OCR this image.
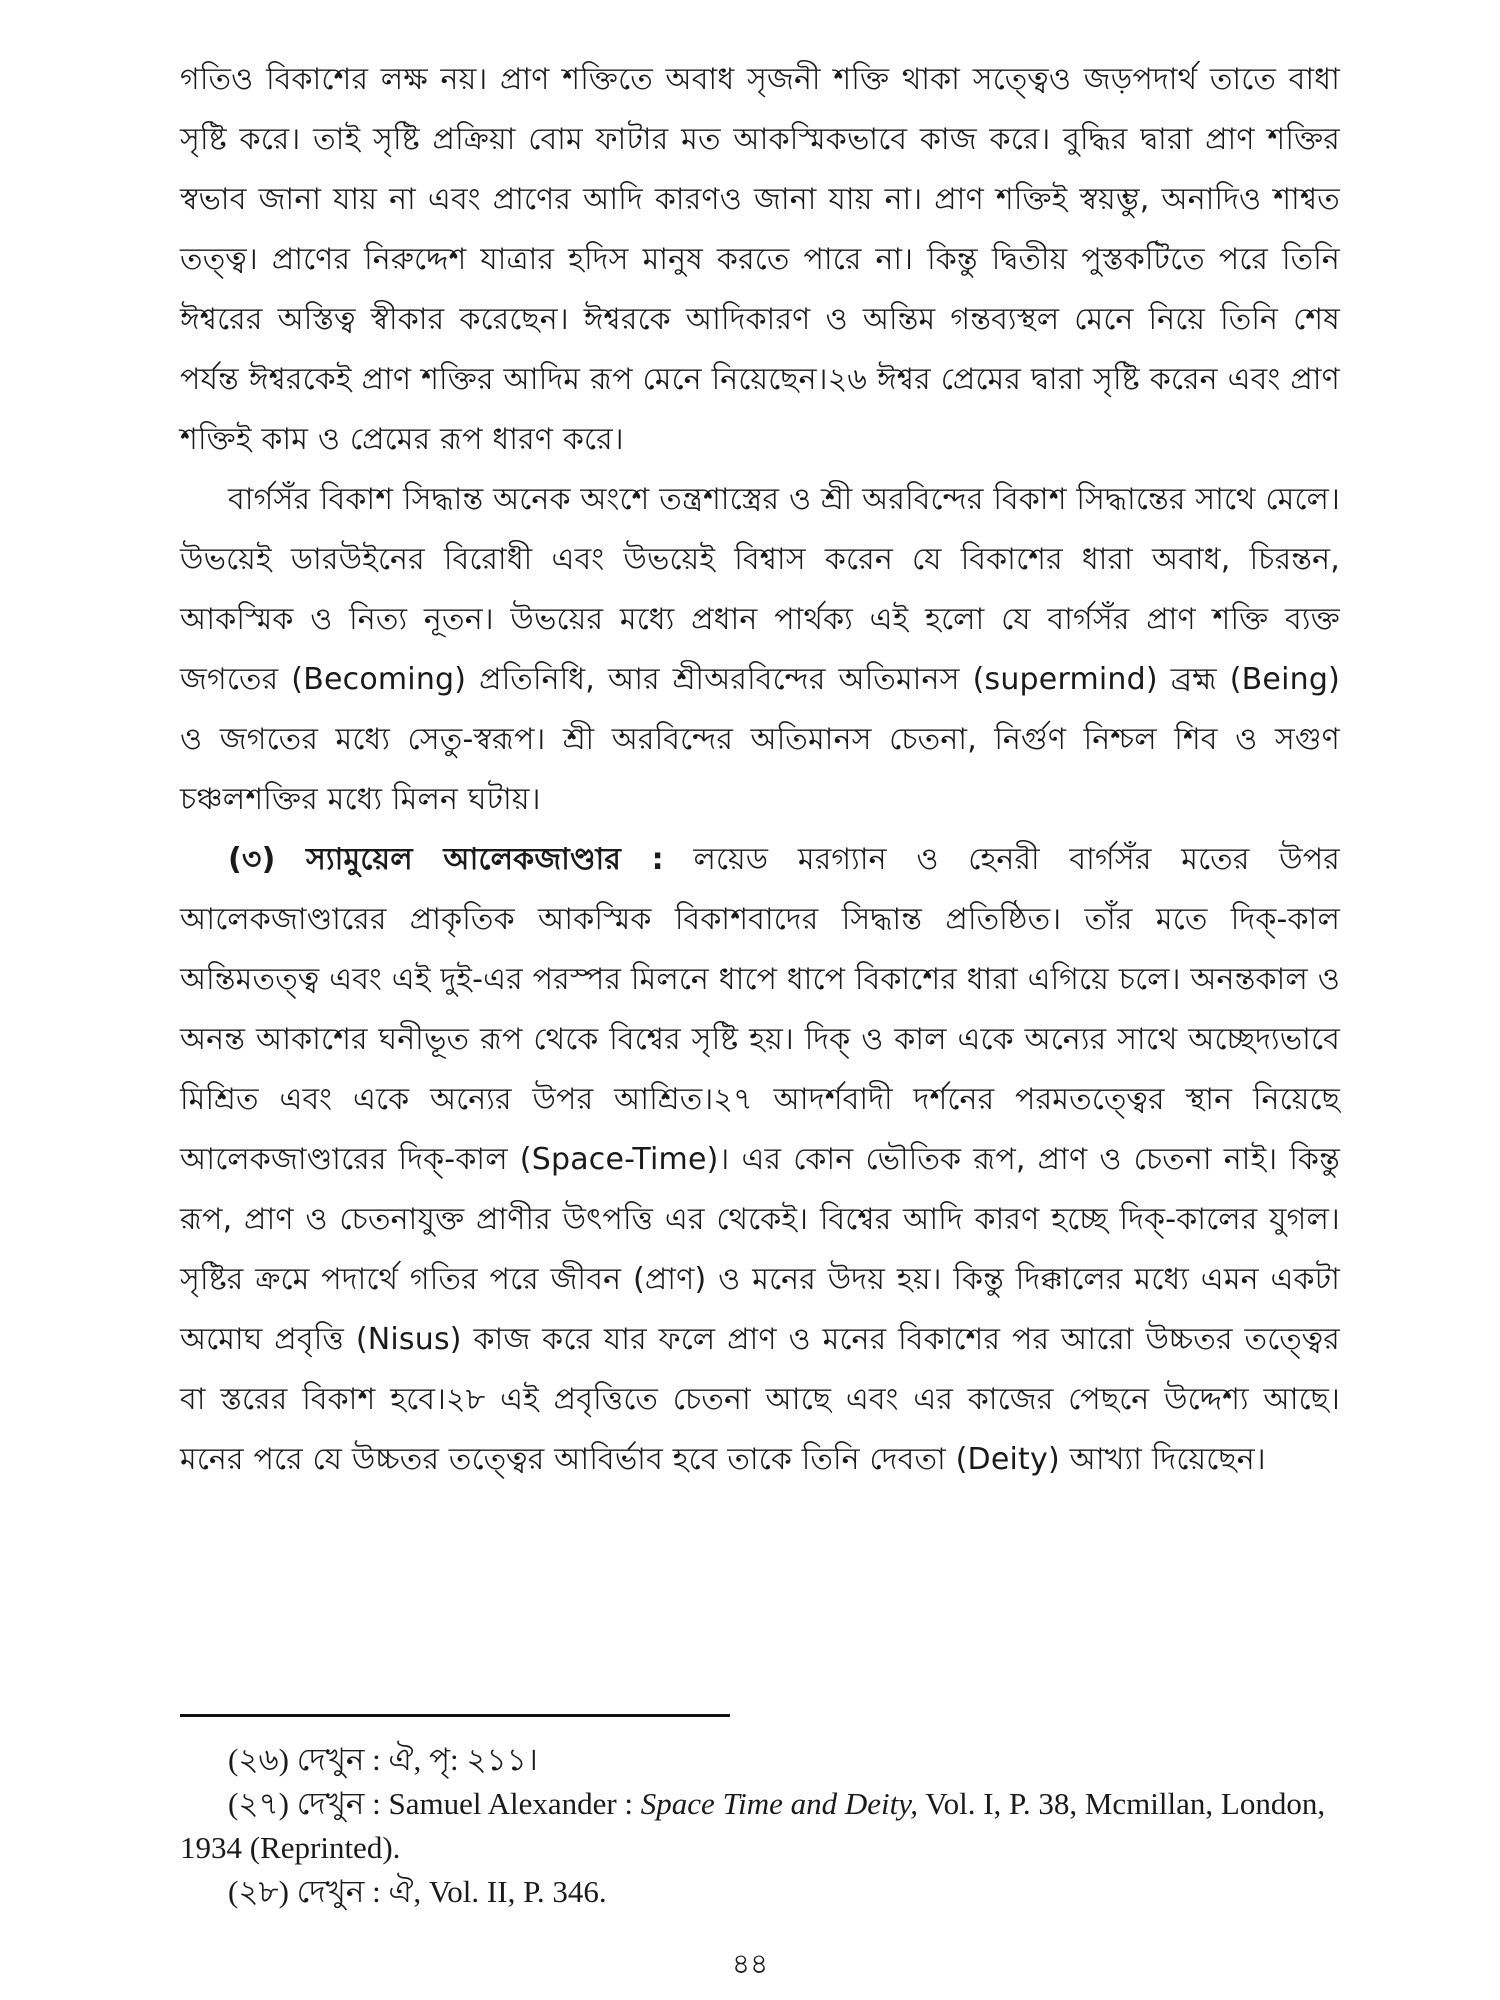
গতিও বিকাশের লক্ষ নয়। প্রাণ শক্তিতে অবাধ সৃজনী শক্তি থাকা সত্ত্বেও জড়পদার্থ তাতে বাধা সৃষ্টি করে। তাই সৃষ্টি প্রক্রিয়া বোম ফাটার মত আকস্মিকভাবে কাজ করে। বুদ্ধির দ্বারা প্রাণ শক্তির স্বভাব জানা যায় না এবং প্রাণের আদি কারণও জানা যায় না। প্রাণ শক্তিই স্বয়ম্ভু, অনাদিও শাশ্বত তত্ত্ব। প্রাণের নিরুদ্দেশ যাত্রার হদিস মানুষ করতে পারে না। কিন্তু দ্বিতীয় পুস্তকটিতে পরে তিনি ঈশ্বরের অস্তিত্ব স্বীকার করেছেন। ঈশ্বরকে আদিকারণ ও অন্তিম গন্তব্যস্থল মেনে নিয়ে তিনি শেষ পর্যন্ত ঈশ্বরকেই প্রাণ শক্তির আদিম রূপ মেনে নিয়েছেন।২৬ ঈশ্বর প্রেমের দ্বারা সৃষ্টি করেন এবং প্রাণ শক্তিই কাম ও প্রেমের রূপ ধারণ করে।

বার্গসঁর বিকাশ সিদ্ধান্ত অনেক অংশে তন্ত্রশাস্ত্রের ও শ্রী অরবিন্দের বিকাশ সিদ্ধান্তের সাথে মেলে। উভয়েই ডারউইনের বিরোধী এবং উভয়েই বিশ্বাস করেন যে বিকাশের ধারা অবাধ, চিরন্তন, আকস্মিক ও নিত্য নূতন। উভয়ের মধ্যে প্রধান পার্থক্য এই হলো যে বার্গসঁর প্রাণ শক্তি ব্যক্ত জগতের (Becoming) প্রতিনিধি, আর শ্রীঅরবিন্দের অতিমানস (supermind) ব্রহ্ম (Being) ও জগতের মধ্যে সেতু-স্বরূপ। শ্রী অরবিন্দের অতিমানস চেতনা, নির্গুণ নিশ্চল শিব ও সগুণ চঞ্চলশক্তির মধ্যে মিলন ঘটায়।

(৩) স্যামুয়েল আলেকজাণ্ডার : লয়েড মরগ্যান ও হেনরী বার্গসঁর মতের উপর আলেকজাণ্ডারের প্রাকৃতিক আকস্মিক বিকাশবাদের সিদ্ধান্ত প্রতিষ্ঠিত। তাঁর মতে দিক্-কাল অন্তিমতত্ত্ব এবং এই দুই-এর পরস্পর মিলনে ধাপে ধাপে বিকাশের ধারা এগিয়ে চলে। অনন্তকাল ও অনন্ত আকাশের ঘনীভূত রূপ থেকে বিশ্বের সৃষ্টি হয়। দিক্ ও কাল একে অন্যের সাথে অচ্ছেদ্যভাবে মিশ্রিত এবং একে অন্যের উপর আশ্রিত।২৭ আদর্শবাদী দর্শনের পরমতত্ত্বের স্থান নিয়েছে আলেকজাণ্ডারের দিক্-কাল (Space-Time)। এর কোন ভৌতিক রূপ, প্রাণ ও চেতনা নাই। কিন্তু রূপ, প্রাণ ও চেতনাযুক্ত প্রাণীর উৎপত্তি এর থেকেই। বিশ্বের আদি কারণ হচ্ছে দিক্-কালের যুগল। সৃষ্টির ক্রমে পদার্থে গতির পরে জীবন (প্রাণ) ও মনের উদয় হয়। কিন্তু দিক্কালের মধ্যে এমন একটা অমোঘ প্রবৃত্তি (Nisus) কাজ করে যার ফলে প্রাণ ও মনের বিকাশের পর আরো উচ্চতর তত্ত্বের বা স্তরের বিকাশ হবে।২৮ এই প্রবৃত্তিতে চেতনা আছে এবং এর কাজের পেছনে উদ্দেশ্য আছে। মনের পরে যে উচ্চতর তত্ত্বের আবির্ভাব হবে তাকে তিনি দেবতা (Deity) আখ্যা দিয়েছেন।

(২৬) দেখুন : ঐ, পৃ: ২১১।

(২৭) দেখুন : Samuel Alexander : Space Time and Deity, Vol. I, P. 38, Mcmillan, London, 1934 (Reprinted).

(২৮) দেখুন : ঐ, Vol. II, P. 346.

৪৪
